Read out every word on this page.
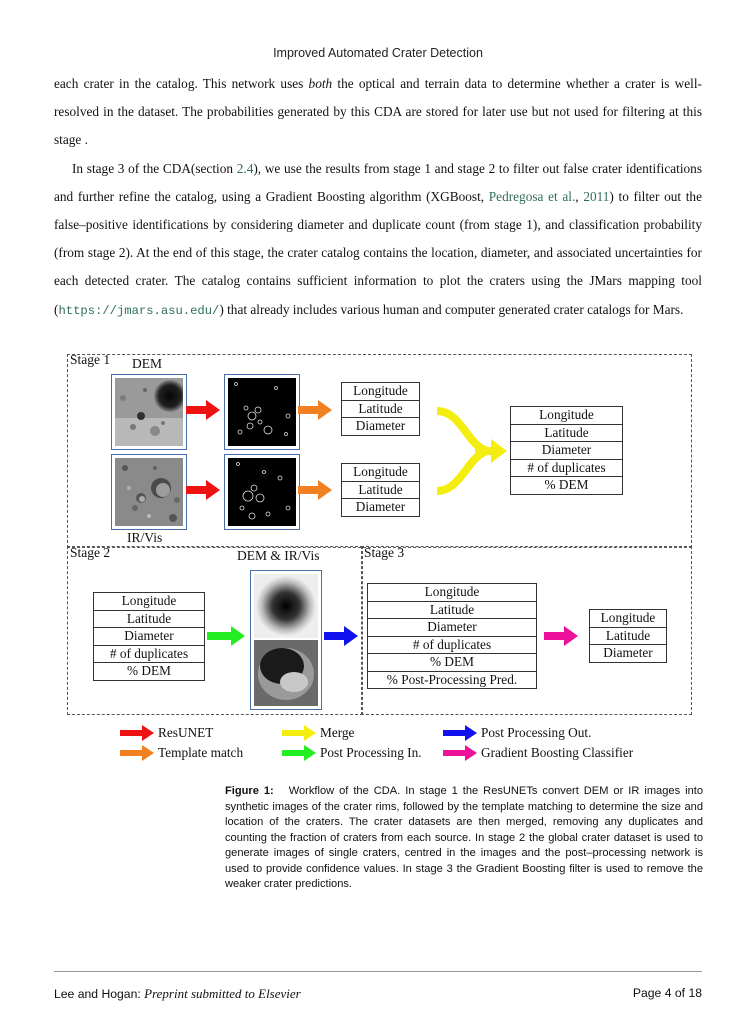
Improved Automated Crater Detection

each crater in the catalog. This network uses both the optical and terrain data to determine whether a crater is well-resolved in the dataset. The probabilities generated by this CDA are stored for later use but not used for filtering at this stage .

In stage 3 of the CDA(section 2.4), we use the results from stage 1 and stage 2 to filter out false crater identifications and further refine the catalog, using a Gradient Boosting algorithm (XGBoost, Pedregosa et al., 2011) to filter out the false–positive identifications by considering diameter and duplicate count (from stage 1), and classification probability (from stage 2). At the end of this stage, the crater catalog contains the location, diameter, and associated uncertainties for each detected crater. The catalog contains sufficient information to plot the craters using the JMars mapping tool (https://jmars.asu.edu/) that already includes various human and computer generated crater catalogs for Mars.

Stage 1
Stage 2	Stage 3
DEM
IR/Vis
DEM & IR/Vis
Longitude
Latitude
Diameter
Longitude
Latitude
Diameter
Longitude
Latitude
Diameter
# of duplicates
% DEM
Longitude
Latitude
Diameter
# of duplicates
% DEM
Longitude
Latitude
Diameter
# of duplicates
% DEM
% Post-Processing Pred.
Longitude
Latitude
Diameter
ResUNET
Template match
Merge
Post Processing In.
Post Processing Out.
Gradient Boosting Classifier
Figure 1: Workflow of the CDA. In stage 1 the ResUNETs convert DEM or IR images into synthetic images of the crater rims, followed by the template matching to determine the size and location of the craters. The crater datasets are then merged, removing any duplicates and counting the fraction of craters from each source. In stage 2 the global crater dataset is used to generate images of single craters, centred in the images and the post–processing network is used to provide confidence values. In stage 3 the Gradient Boosting filter is used to remove the weaker crater predictions.
Lee and Hogan: Preprint submitted to Elsevier	Page 4 of 18
